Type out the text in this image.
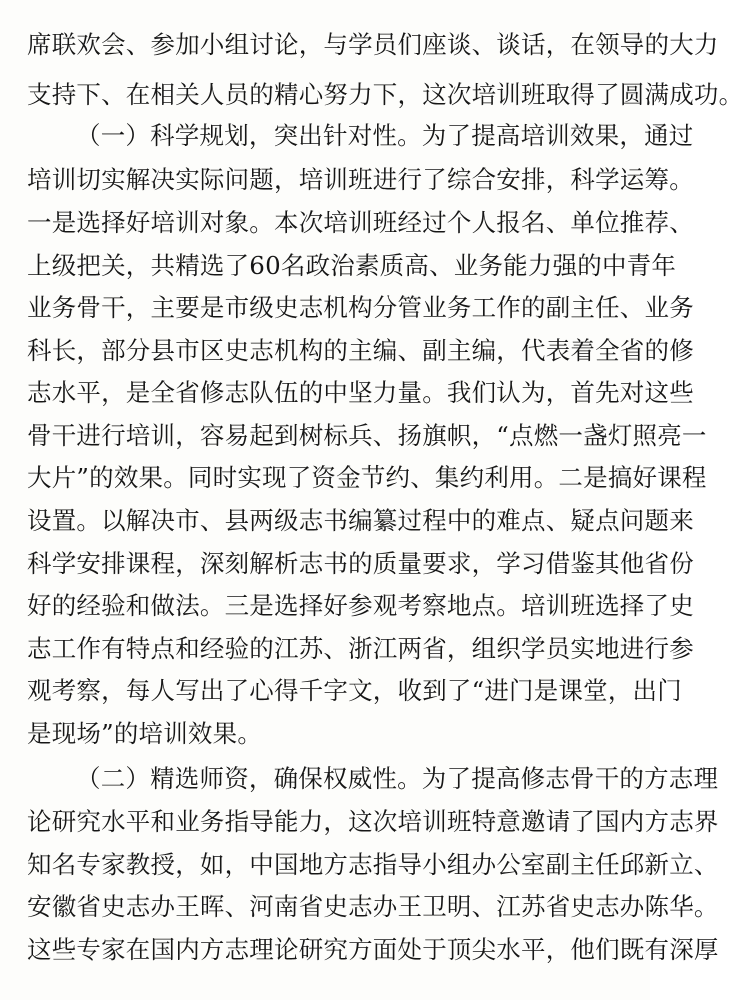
席联欢会、参加小组讨论，与学员们座谈、谈话，在领导的大力
支持下、在相关人员的精心努力下，这次培训班取得了圆满成功。
（一）科学规划，突出针对性。为了提高培训效果，通过
培训切实解决实际问题，培训班进行了综合安排，科学运筹。
一是选择好培训对象。本次培训班经过个人报名、单位推荐、
上级把关，共精选了60名政治素质高、业务能力强的中青年
业务骨干，主要是市级史志机构分管业务工作的副主任、业务
科长，部分县市区史志机构的主编、副主编，代表着全省的修
志水平，是全省修志队伍的中坚力量。我们认为，首先对这些
骨干进行培训，容易起到树标兵、扬旗帜，“点燃一盏灯照亮一
大片”的效果。同时实现了资金节约、集约利用。二是搞好课程
设置。以解决市、县两级志书编纂过程中的难点、疑点问题来
科学安排课程，深刻解析志书的质量要求，学习借鉴其他省份
好的经验和做法。三是选择好参观考察地点。培训班选择了史
志工作有特点和经验的江苏、浙江两省，组织学员实地进行参
观考察，每人写出了心得千字文，收到了“进门是课堂，出门
是现场”的培训效果。
（二）精选师资，确保权威性。为了提高修志骨干的方志理
论研究水平和业务指导能力，这次培训班特意邀请了国内方志界
知名专家教授，如，中国地方志指导小组办公室副主任邱新立、
安徽省史志办王晖、河南省史志办王卫明、江苏省史志办陈华。
这些专家在国内方志理论研究方面处于顶尖水平，他们既有深厚
